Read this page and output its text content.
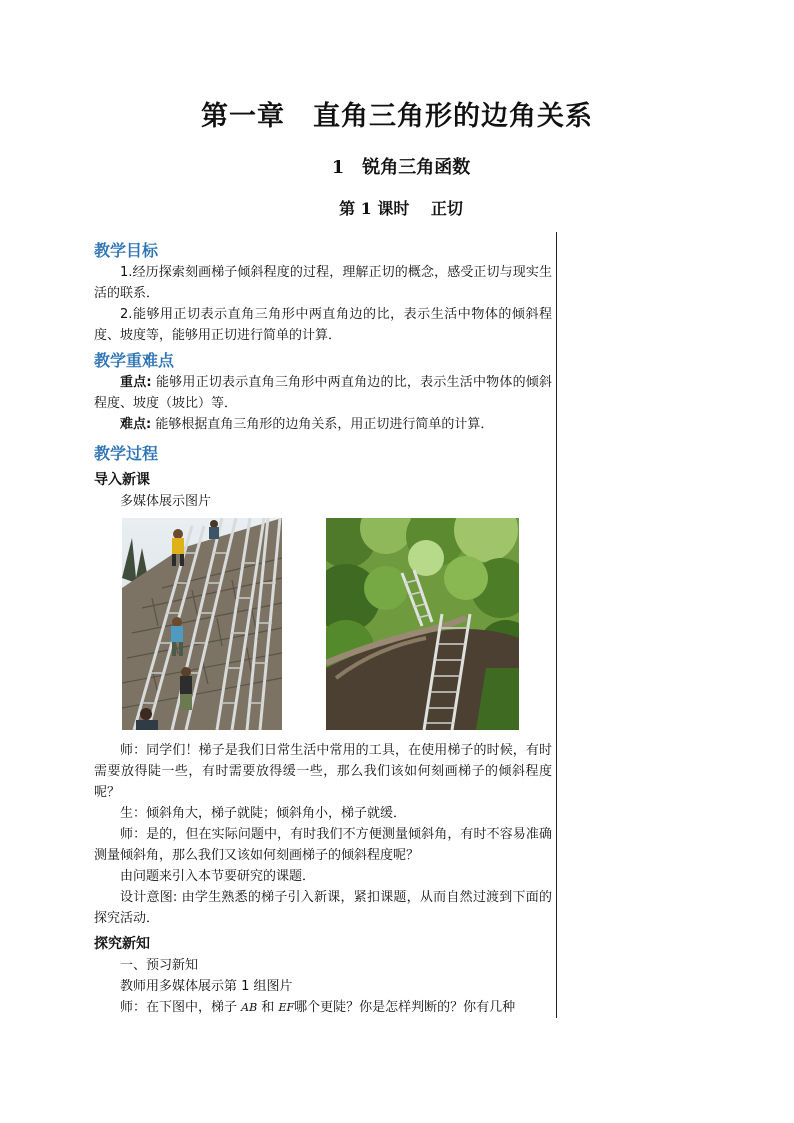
第一章　直角三角形的边角关系
1　锐角三角函数
第 1 课时　 正切
教学目标

1.经历探索刻画梯子倾斜程度的过程，理解正切的概念，感受正切与现实生活的联系．

2.能够用正切表示直角三角形中两直角边的比，表示生活中物体的倾斜程度、坡度等，能够用正切进行简单的计算．

教学重难点

重点: 能够用正切表示直角三角形中两直角边的比，表示生活中物体的倾斜程度、坡度（坡比）等．

难点: 能够根据直角三角形的边角关系，用正切进行简单的计算．

教学过程
导入新课

多媒体展示图片

师：同学们！梯子是我们日常生活中常用的工具，在使用梯子的时候，有时需要放得陡一些，有时需要放得缓一些，那么我们该如何刻画梯子的倾斜程度呢？

生：倾斜角大，梯子就陡；倾斜角小，梯子就缓．

师：是的，但在实际问题中，有时我们不方便测量倾斜角，有时不容易准确测量倾斜角，那么我们又该如何刻画梯子的倾斜程度呢？

由问题来引入本节要研究的课题．

设计意图: 由学生熟悉的梯子引入新课，紧扣课题，从而自然过渡到下面的探究活动．

探究新知

一、预习新知

教师用多媒体展示第 1 组图片

师：在下图中，梯子 AB 和 EF哪个更陡？你是怎样判断的？你有几种
